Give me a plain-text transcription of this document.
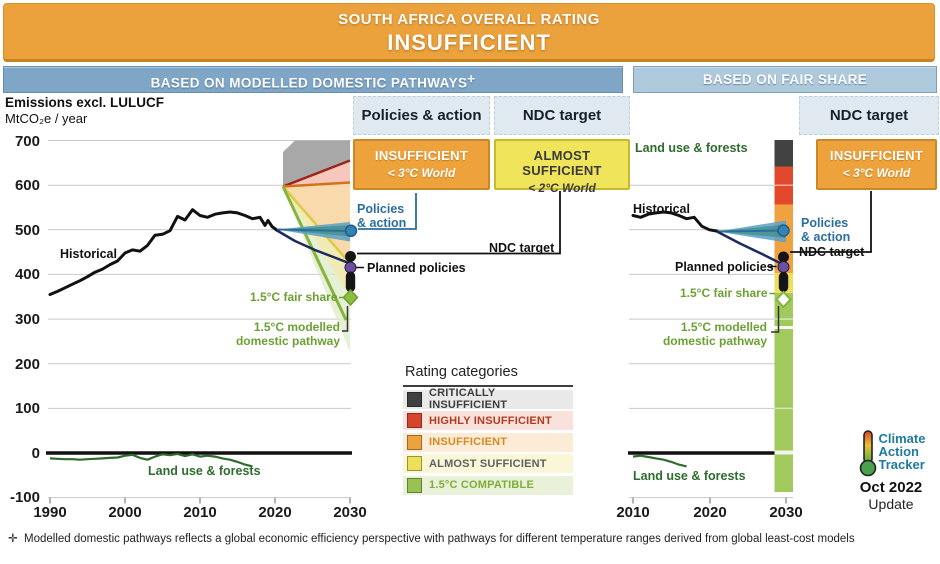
SOUTH AFRICA OVERALL RATING
INSUFFICIENT
BASED ON MODELLED DOMESTIC PATHWAYS✛	BASED ON FAIR SHARE
Emissions excl. LULUCF
MtCO₂e / year	Policies & action	NDC target	NDC target
INSUFFICIENT
< 3°C World
ALMOST SUFFICIENT
< 2°C World
INSUFFICIENT
< 3°C World
700
600
500
400
300
200
100
0
-100
1990	2000	2010	2020	2030	2010	2020	2030
Historical
Land use & forests
Policies
& action
NDC target
Planned policies
1.5°C fair share
1.5°C modelled
domestic pathway
Land use & forests
Historical
Policies
& action
NDC target
Planned policies
1.5°C fair share
1.5°C modelled
domestic pathway
Land use & forests
Rating categories
CRITICALLY INSUFFICIENT
HIGHLY INSUFFICIENT
INSUFFICIENT
ALMOST SUFFICIENT
1.5°C COMPATIBLE
Climate
Action
Tracker
Oct 2022
Update
✛ Modelled domestic pathways reflects a global economic efficiency perspective with pathways for different temperature ranges derived from global least-cost models
